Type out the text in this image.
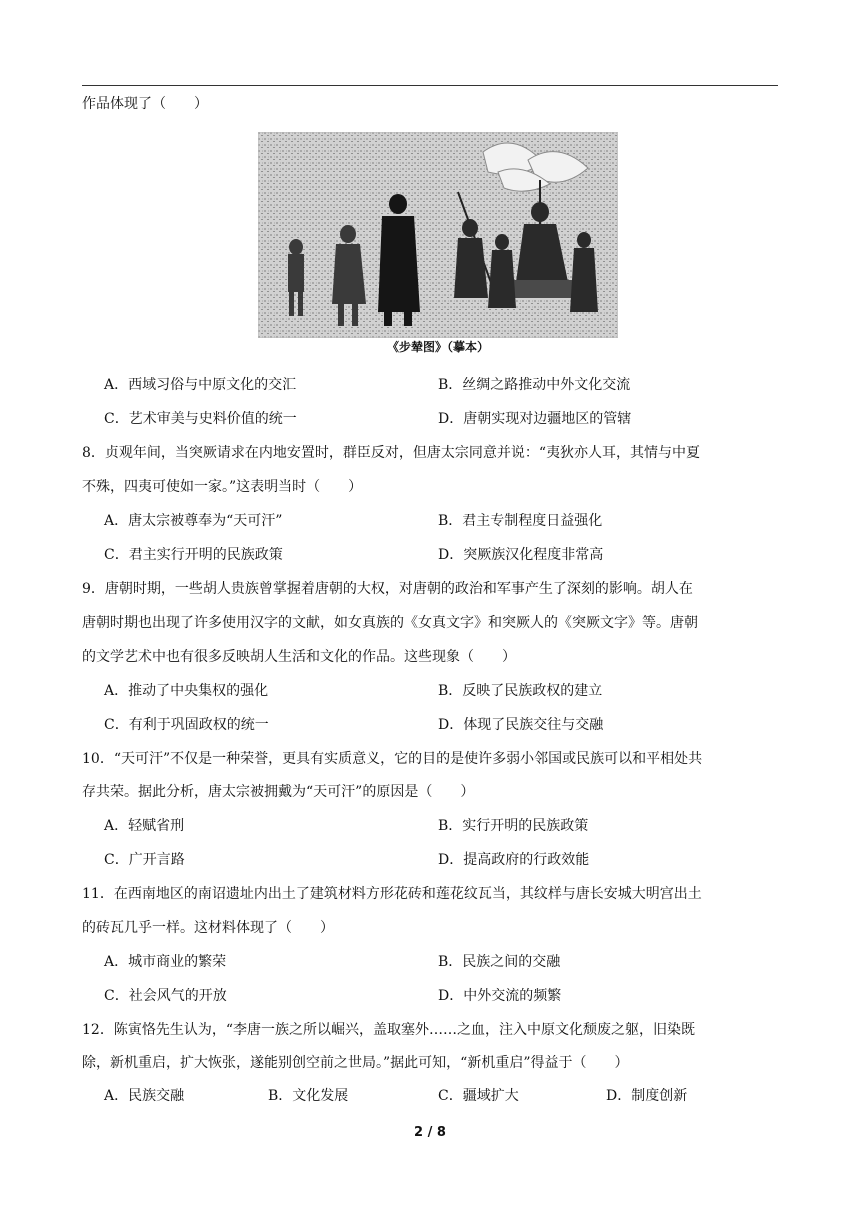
作品体现了（　　）
《步辇图》（摹本）
A．西域习俗与中原文化的交汇	B．丝绸之路推动中外文化交流
C．艺术审美与史料价值的统一	D．唐朝实现对边疆地区的管辖
8．贞观年间，当突厥请求在内地安置时，群臣反对，但唐太宗同意并说：“夷狄亦人耳，其情与中夏
不殊，四夷可使如一家。”这表明当时（　　）
A．唐太宗被尊奉为“天可汗”	B．君主专制程度日益强化
C．君主实行开明的民族政策	D．突厥族汉化程度非常高
9．唐朝时期，一些胡人贵族曾掌握着唐朝的大权，对唐朝的政治和军事产生了深刻的影响。胡人在
唐朝时期也出现了许多使用汉字的文献，如女真族的《女真文字》和突厥人的《突厥文字》等。唐朝
的文学艺术中也有很多反映胡人生活和文化的作品。这些现象（　　）
A．推动了中央集权的强化	B．反映了民族政权的建立
C．有利于巩固政权的统一	D．体现了民族交往与交融
10．“天可汗”不仅是一种荣誉，更具有实质意义，它的目的是使许多弱小邻国或民族可以和平相处共
存共荣。据此分析，唐太宗被拥戴为“天可汗”的原因是（　　）
A．轻赋省刑	B．实行开明的民族政策
C．广开言路	D．提高政府的行政效能
11．在西南地区的南诏遗址内出土了建筑材料方形花砖和莲花纹瓦当，其纹样与唐长安城大明宫出土
的砖瓦几乎一样。这材料体现了（　　）
A．城市商业的繁荣	B．民族之间的交融
C．社会风气的开放	D．中外交流的频繁
12．陈寅恪先生认为，“李唐一族之所以崛兴，盖取塞外……之血，注入中原文化颓废之躯，旧染既
除，新机重启，扩大恢张，遂能别创空前之世局。”据此可知，“新机重启”得益于（　　）
A．民族交融	B．文化发展	C．疆域扩大	D．制度创新
2 / 8
